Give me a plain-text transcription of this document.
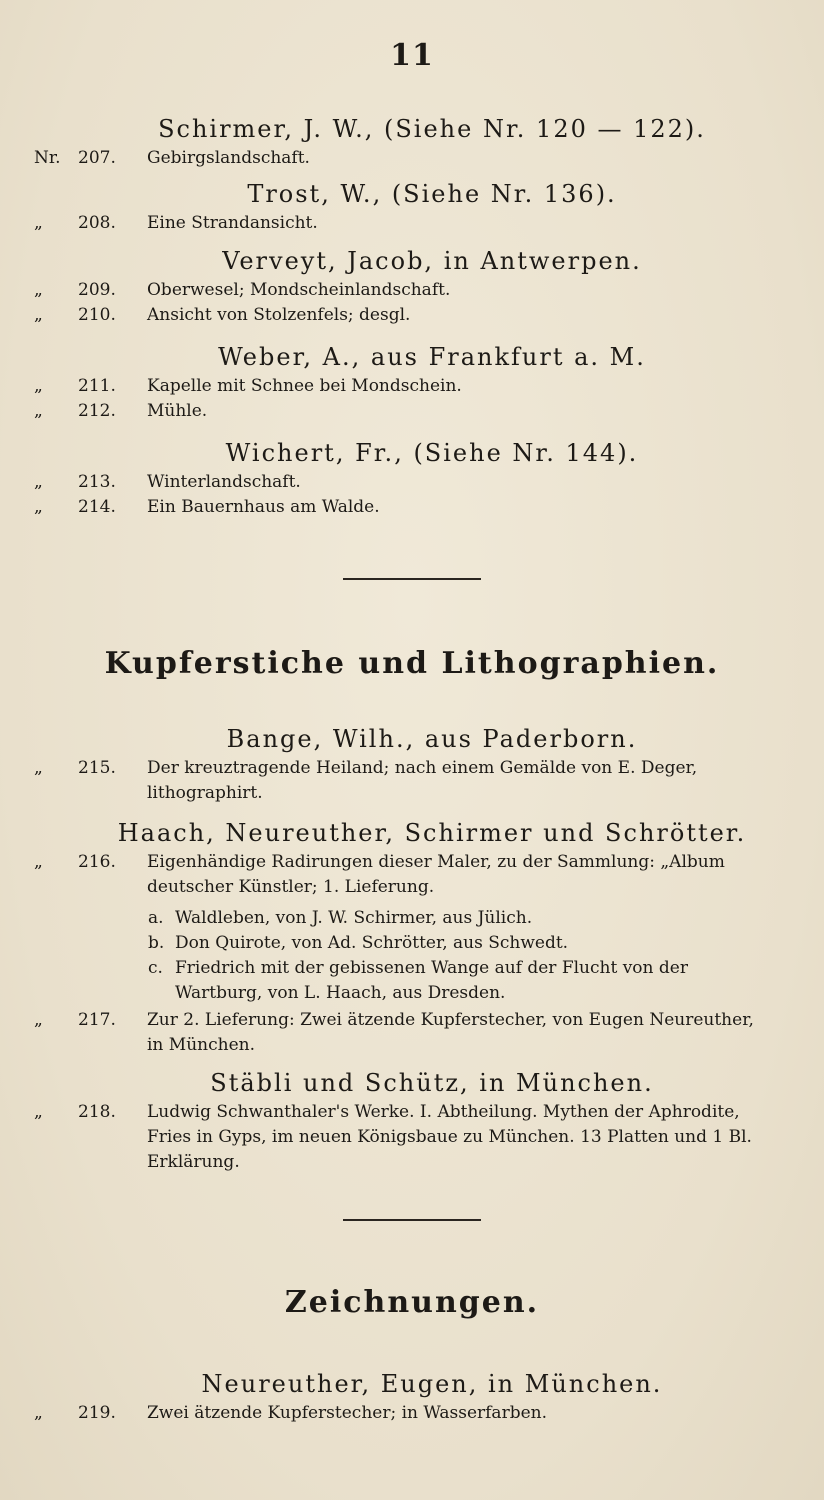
11
Schirmer, J. W., (Siehe Nr. 120 — 122).
Nr.	207.	Gebirgslandschaft.
Trost, W., (Siehe Nr. 136).
„	208.	Eine Strandansicht.
Verveyt, Jacob, in Antwerpen.
„	209.	Oberwesel; Mondscheinlandschaft.
„	210.	Ansicht von Stolzenfels; desgl.
Weber, A., aus Frankfurt a. M.
„	211.	Kapelle mit Schnee bei Mondschein.
„	212.	Mühle.
Wichert, Fr., (Siehe Nr. 144).
„	213.	Winterlandschaft.
„	214.	Ein Bauernhaus am Walde.
Kupferstiche und Lithographien.
Bange, Wilh., aus Paderborn.
„	215.	Der kreuztragende Heiland; nach einem Gemälde von E. Deger, lithographirt.
Haach, Neureuther, Schirmer und Schrötter.
„	216.	Eigenhändige Radirungen dieser Maler, zu der Sammlung: „Album deutscher Künstler; 1. Lieferung.
a. Waldleben, von J. W. Schirmer, aus Jülich.
b. Don Quirote, von Ad. Schrötter, aus Schwedt.
c. Friedrich mit der gebissenen Wange auf der Flucht von der Wartburg, von L. Haach, aus Dresden.
„	217.	Zur 2. Lieferung: Zwei ätzende Kupferstecher, von Eugen Neureuther, in München.
Stäbli und Schütz, in München.
„	218.	Ludwig Schwanthaler's Werke. I. Abtheilung. Mythen der Aphrodite, Fries in Gyps, im neuen Königsbaue zu München. 13 Platten und 1 Bl. Erklärung.
Zeichnungen.
Neureuther, Eugen, in München.
„	219.	Zwei ätzende Kupferstecher; in Wasserfarben.
